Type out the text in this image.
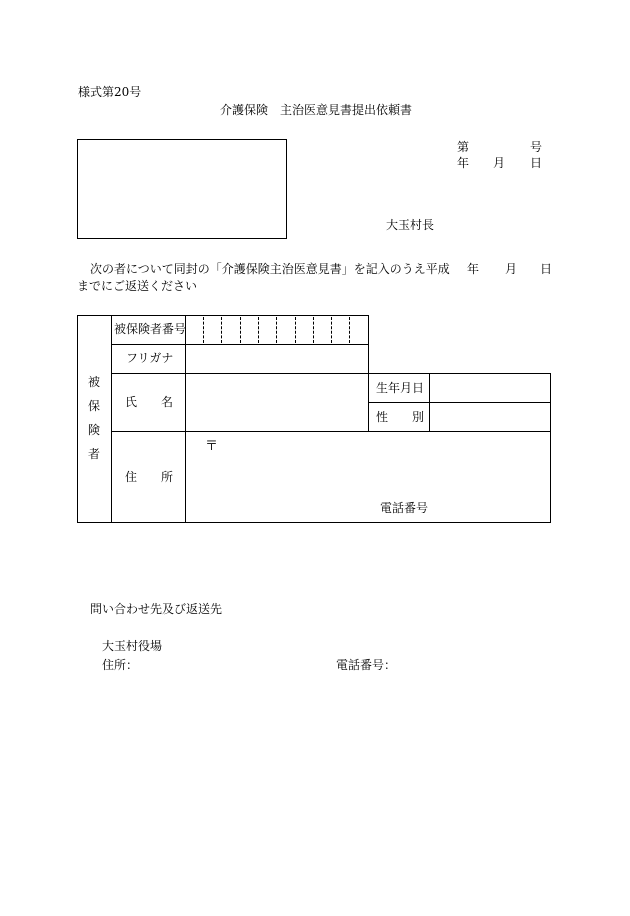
様式第20号
介護保険　主治医意見書提出依頼書
第	号
年 月 日
大玉村長
次の者について同封の「介護保険主治医意見書」を記入のうえ平成 年 月 日
までにご返送ください
被
保
険
者
被保険者番号
フリガナ
氏　　名
生年月日
性　　別
住　　所
〒
電話番号
問い合わせ先及び返送先
大玉村役場
住所：	電話番号：
